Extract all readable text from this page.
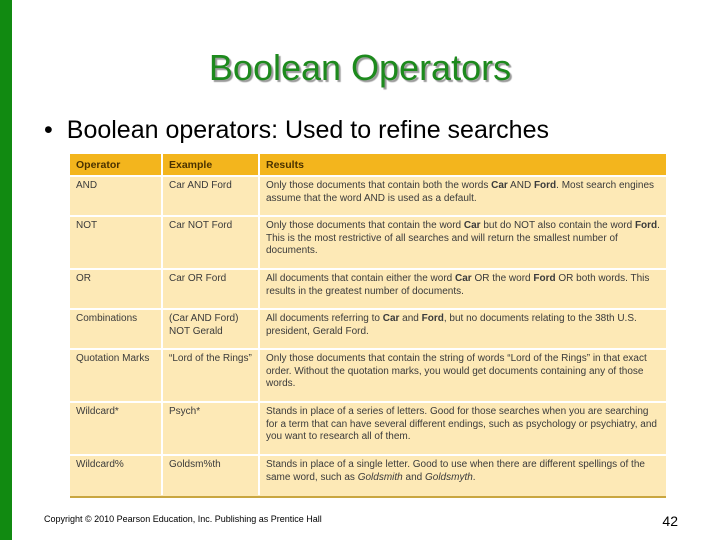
Boolean Operators
• Boolean operators: Used to refine searches
Operator	Example	Results
AND	Car AND Ford	Only those documents that contain both the words Car AND Ford. Most search engines assume that the word AND is used as a default.
NOT	Car NOT Ford	Only those documents that contain the word Car but do NOT also contain the word Ford. This is the most restrictive of all searches and will return the smallest number of documents.
OR	Car OR Ford	All documents that contain either the word Car OR the word Ford OR both words. This results in the greatest number of documents.
Combinations	(Car AND Ford) NOT Gerald	All documents referring to Car and Ford, but no documents relating to the 38th U.S. president, Gerald Ford.
Quotation Marks	“Lord of the Rings”	Only those documents that contain the string of words “Lord of the Rings” in that exact order. Without the quotation marks, you would get documents containing any of those words.
Wildcard*	Psych*	Stands in place of a series of letters. Good for those searches when you are searching for a term that can have several different endings, such as psychology or psychiatry, and you want to research all of them.
Wildcard%	Goldsm%th	Stands in place of a single letter. Good to use when there are different spellings of the same word, such as Goldsmith and Goldsmyth.
Copyright © 2010 Pearson Education, Inc. Publishing as Prentice Hall	42
